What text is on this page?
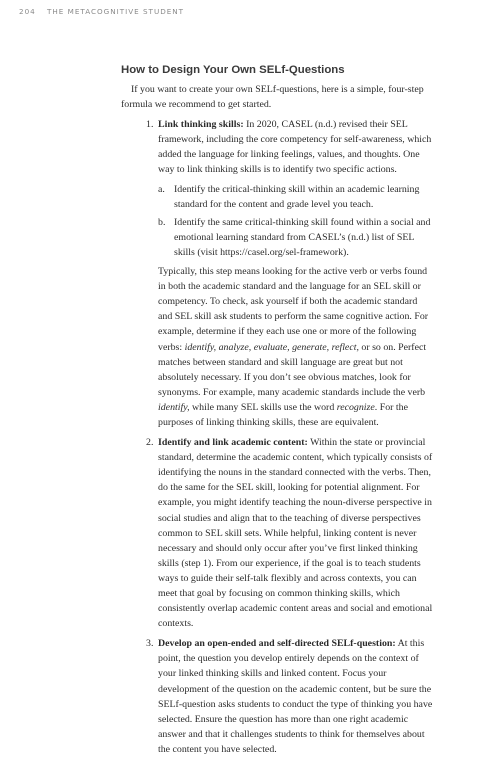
204 THE METACOGNITIVE STUDENT
How to Design Your Own SELf-Questions

If you want to create your own SELf-questions, here is a simple, four-step formula we recommend to get started.

1. Link thinking skills: In 2020, CASEL (n.d.) revised their SEL framework, including the core competency for self-awareness, which added the language for linking feelings, values, and thoughts. One way to link thinking skills is to identify two specific actions.

a. Identify the critical-thinking skill within an academic learning standard for the content and grade level you teach.
b. Identify the same critical-thinking skill found within a social and emotional learning standard from CASEL’s (n.d.) list of SEL skills (visit https://casel.org/sel-framework).

Typically, this step means looking for the active verb or verbs found in both the academic standard and the language for an SEL skill or competency. To check, ask yourself if both the academic standard and SEL skill ask students to perform the same cognitive action. For example, determine if they each use one or more of the following verbs: identify, analyze, evaluate, generate, reflect, or so on. Perfect matches between standard and skill language are great but not absolutely necessary. If you don’t see obvious matches, look for synonyms. For example, many academic standards include the verb identify, while many SEL skills use the word recognize. For the purposes of linking thinking skills, these are equivalent.

2. Identify and link academic content: Within the state or provincial standard, determine the academic content, which typically consists of identifying the nouns in the standard connected with the verbs. Then, do the same for the SEL skill, looking for potential alignment. For example, you might identify teaching the noun-diverse perspective in social studies and align that to the teaching of diverse perspectives common to SEL skill sets. While helpful, linking content is never necessary and should only occur after you’ve first linked thinking skills (step 1). From our experience, if the goal is to teach students ways to guide their self-talk flexibly and across contexts, you can meet that goal by focusing on common thinking skills, which consistently overlap academic content areas and social and emotional contexts.

3. Develop an open-ended and self-directed SELf-question: At this point, the question you develop entirely depends on the context of your linked thinking skills and linked content. Focus your development of the question on the academic content, but be sure the SELf-question asks students to conduct the type of thinking you have selected. Ensure the question has more than one right academic answer and that it challenges students to think for themselves about the content you have selected.
